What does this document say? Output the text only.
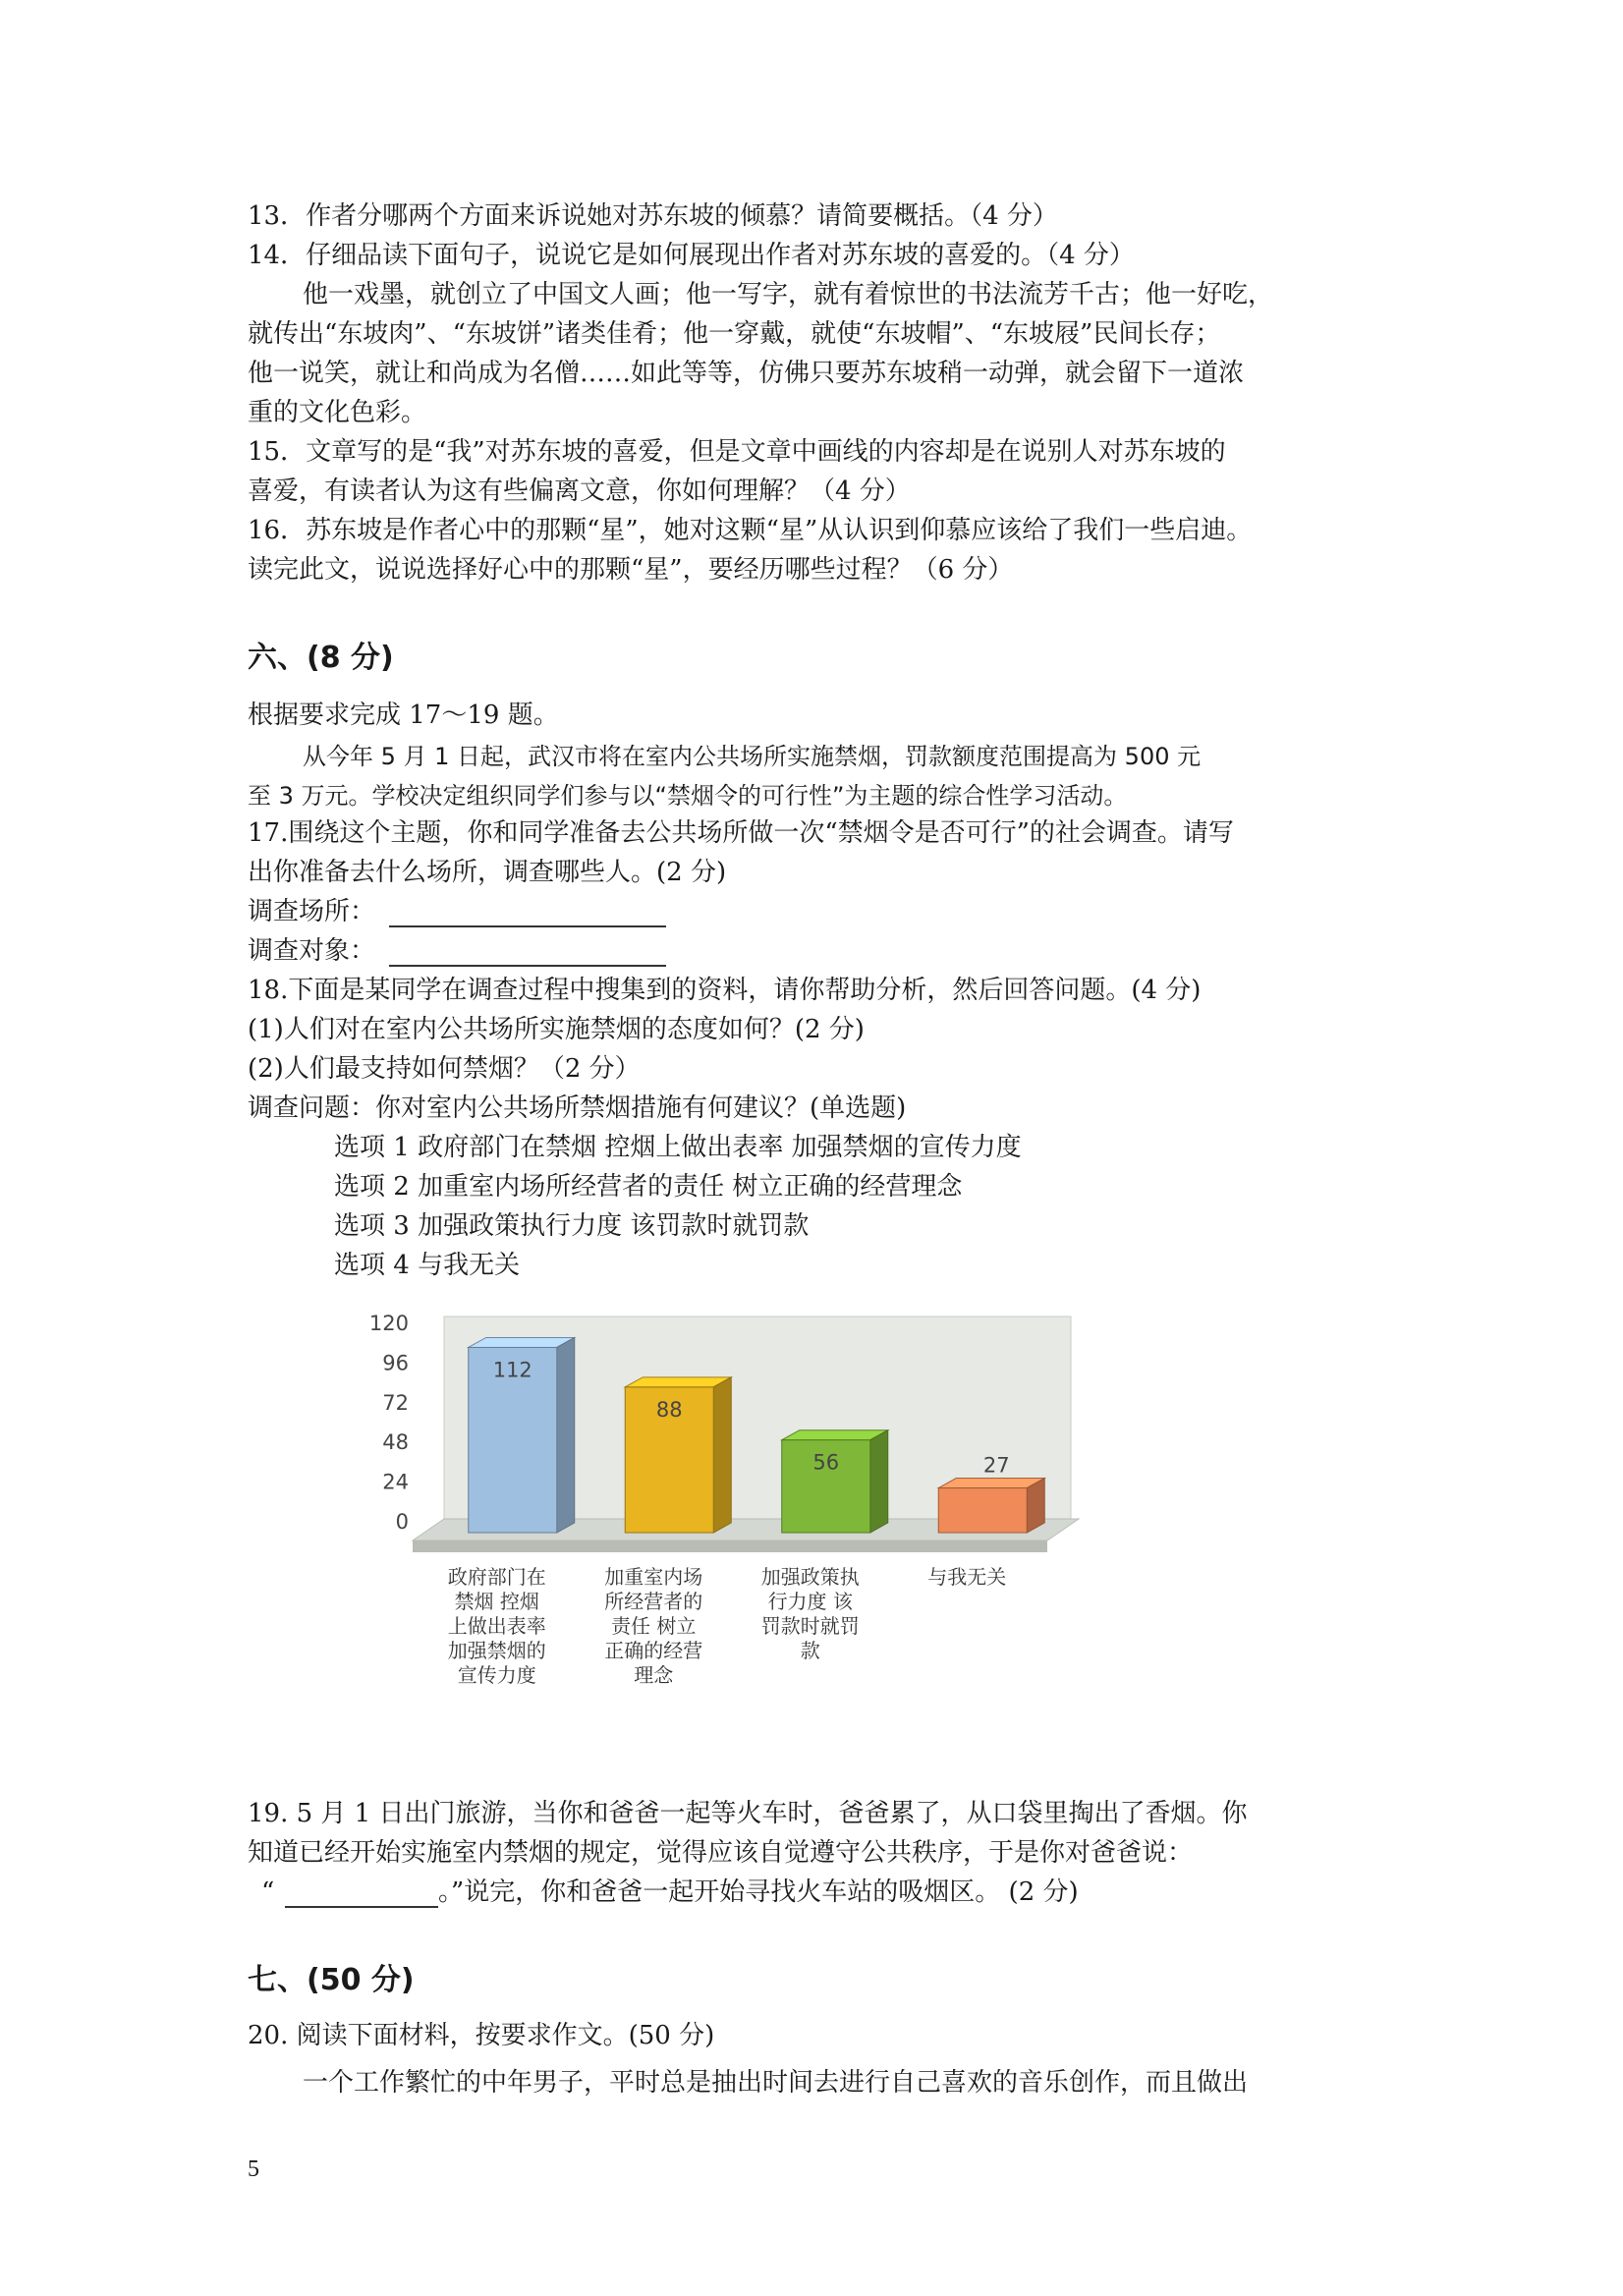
13．作者分哪两个方面来诉说她对苏东坡的倾慕？请简要概括。（4 分）
14．仔细品读下面句子，说说它是如何展现出作者对苏东坡的喜爱的。（4 分）
他一戏墨，就创立了中国文人画；他一写字，就有着惊世的书法流芳千古；他一好吃，
就传出“东坡肉”、“东坡饼”诸类佳肴；他一穿戴，就使“东坡帽”、“东坡屐”民间长存；
他一说笑，就让和尚成为名僧……如此等等，仿佛只要苏东坡稍一动弹，就会留下一道浓
重的文化色彩。
15．文章写的是“我”对苏东坡的喜爱，但是文章中画线的内容却是在说别人对苏东坡的
喜爱，有读者认为这有些偏离文意，你如何理解？（4 分）
16．苏东坡是作者心中的那颗“星”，她对这颗“星”从认识到仰慕应该给了我们一些启迪。
读完此文，说说选择好心中的那颗“星”，要经历哪些过程？（6 分）
六、(8 分)
根据要求完成 17～19 题。
从今年 5 月 1 日起，武汉市将在室内公共场所实施禁烟，罚款额度范围提高为 500 元
至 3 万元。学校决定组织同学们参与以“禁烟令的可行性”为主题的综合性学习活动。
17.围绕这个主题，你和同学准备去公共场所做一次“禁烟令是否可行”的社会调查。请写
出你准备去什么场所，调查哪些人。(2 分)
调查场所：
调查对象：
18.下面是某同学在调查过程中搜集到的资料，请你帮助分析，然后回答问题。(4 分)
(1)人们对在室内公共场所实施禁烟的态度如何？(2 分)
(2)人们最支持如何禁烟？（2 分）
调查问题：你对室内公共场所禁烟措施有何建议？(单选题)
选项 1 政府部门在禁烟 控烟上做出表率 加强禁烟的宣传力度
选项 2 加重室内场所经营者的责任 树立正确的经营理念
选项 3 加强政策执行力度 该罚款时就罚款
选项 4 与我无关
120
96
72
48
24
0
112
政府部门在
禁烟 控烟
上做出表率
加强禁烟的
宣传力度
88
加重室内场
所经营者的
责任 树立
正确的经营
理念
56
加强政策执
行力度 该
罚款时就罚
款
27
与我无关
19. 5 月 1 日出门旅游，当你和爸爸一起等火车时，爸爸累了，从口袋里掏出了香烟。你
知道已经开始实施室内禁烟的规定，觉得应该自觉遵守公共秩序，于是你对爸爸说：
“	。”说完，你和爸爸一起开始寻找火车站的吸烟区。 (2 分)
七、(50 分)
20. 阅读下面材料，按要求作文。(50 分)
一个工作繁忙的中年男子，平时总是抽出时间去进行自己喜欢的音乐创作，而且做出
5
